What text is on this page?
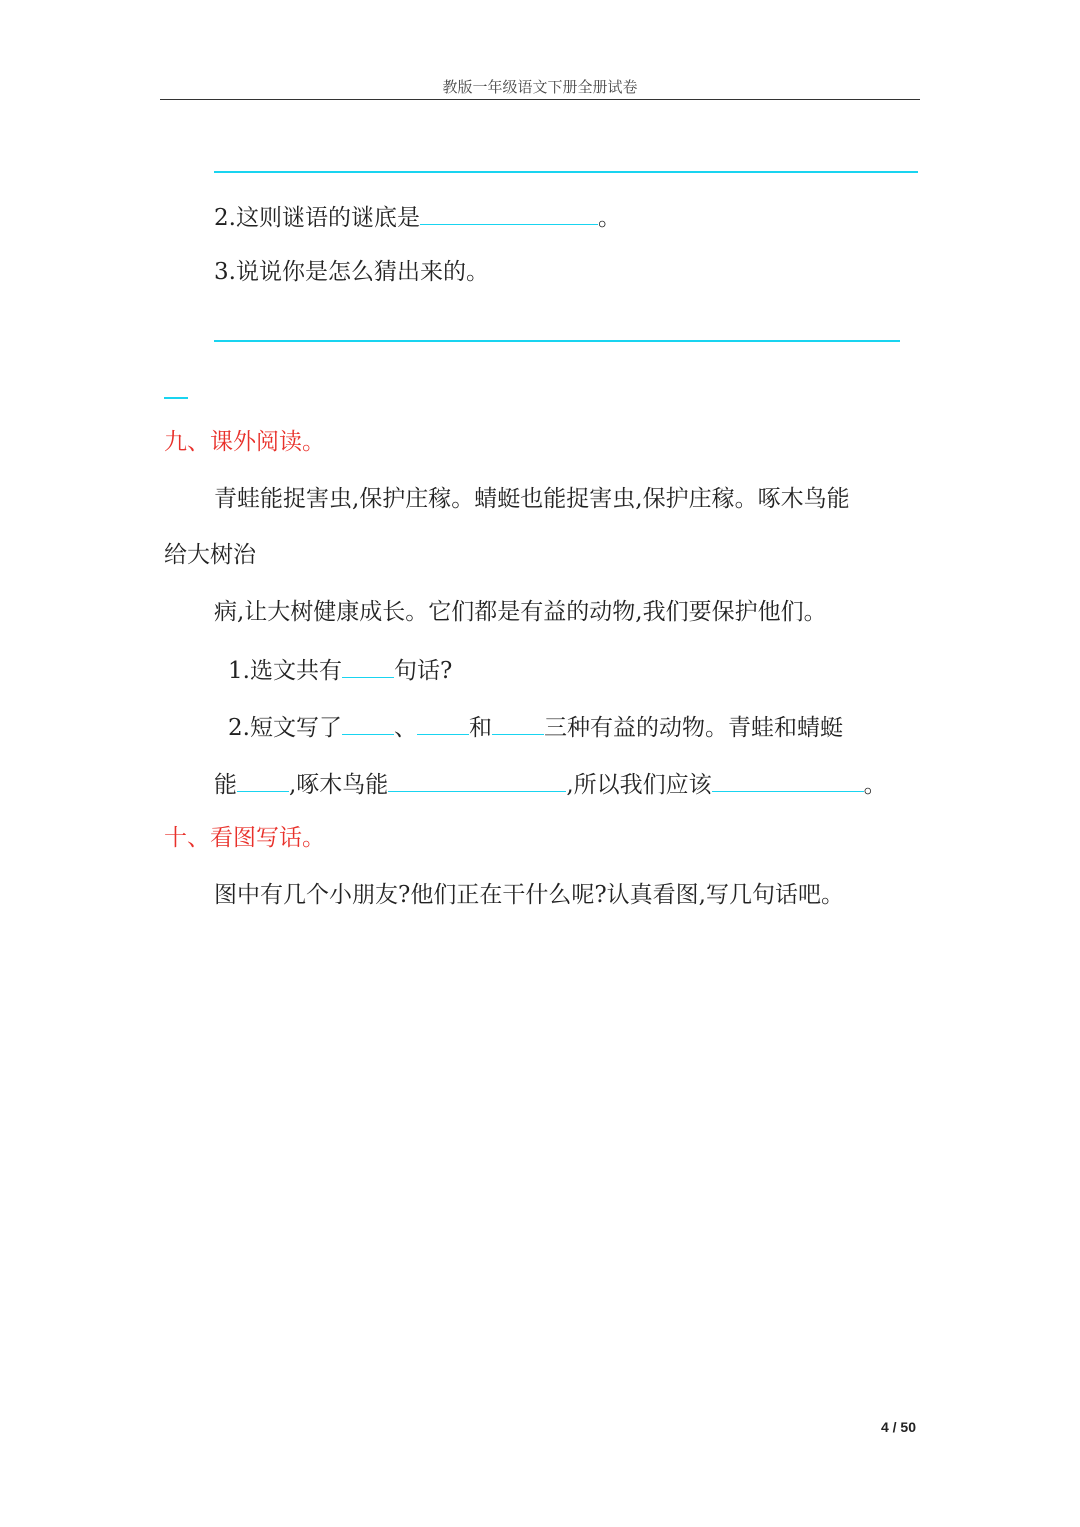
教版一年级语文下册全册试卷
2.这则谜语的谜底是	。
3.说说你是怎么猜出来的。
九、课外阅读。
青蛙能捉害虫,保护庄稼。蜻蜓也能捉害虫,保护庄稼。啄木鸟能
给大树治
病,让大树健康成长。它们都是有益的动物,我们要保护他们。
1.选文共有 句话?
2.短文写了 、 和 三种有益的动物。青蛙和蜻蜓
能 ,啄木鸟能	,所以我们应该	。
十、看图写话。
图中有几个小朋友?他们正在干什么呢?认真看图,写几句话吧。
4 / 50
